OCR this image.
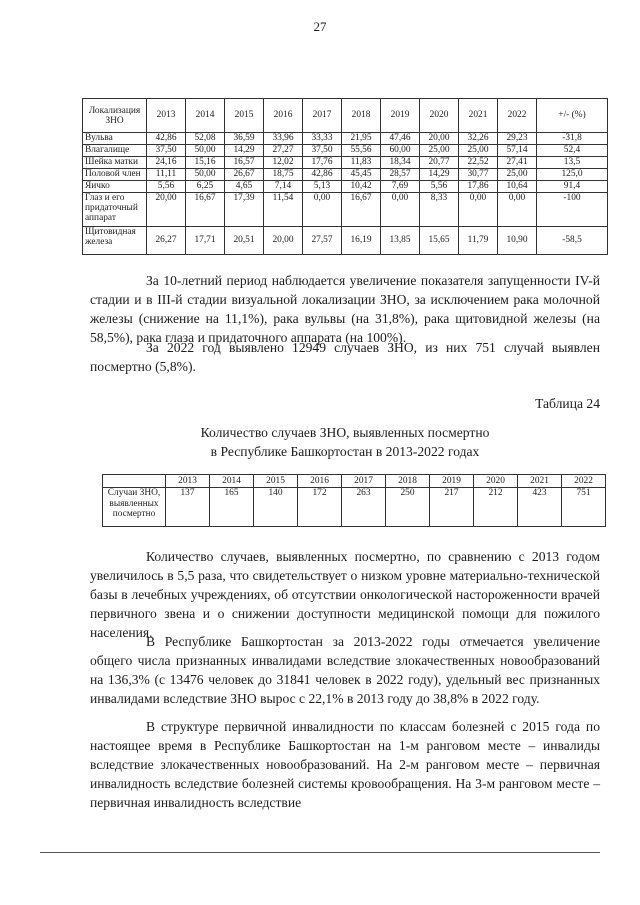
27
Локализация ЗНО	2013	2014	2015	2016	2017	2018	2019	2020	2021	2022	+/- (%)
Вульва	42,86	52,08	36,59	33,96	33,33	21,95	47,46	20,00	32,26	29,23	-31,8
Влагалище	37,50	50,00	14,29	27,27	37,50	55,56	60,00	25,00	25,00	57,14	52,4
Шейка матки	24,16	15,16	16,57	12,02	17,76	11,83	18,34	20,77	22,52	27,41	13,5
Половой член	11,11	50,00	26,67	18,75	42,86	45,45	28,57	14,29	30,77	25,00	125,0
Яичко	5,56	6,25	4,65	7,14	5,13	10,42	7,69	5,56	17,86	10,64	91,4
Глаз и его придаточный аппарат	20,00	16,67	17,39	11,54	0,00	16,67	0,00	8,33	0,00	0,00	-100
Щитовидная железа	26,27	17,71	20,51	20,00	27,57	16,19	13,85	15,65	11,79	10,90	-58,5

За 10-летний период наблюдается увеличение показателя запущенности IV-й стадии и в III-й стадии визуальной локализации ЗНО, за исключением рака молочной железы (снижение на 11,1%), рака вульвы (на 31,8%), рака щитовидной железы (на 58,5%), рака глаза и придаточного аппарата (на 100%).

За 2022 год выявлено 12949 случаев ЗНО, из них 751 случай выявлен посмертно (5,8%).

Таблица 24
Количество случаев ЗНО, выявленных посмертно
в Республике Башкортостан в 2013-2022 годах
	2013	2014	2015	2016	2017	2018	2019	2020	2021	2022
Случаи ЗНО, выявленных посмертно	137	165	140	172	263	250	217	212	423	751

Количество случаев, выявленных посмертно, по сравнению с 2013 годом увеличилось в 5,5 раза, что свидетельствует о низком уровне материально-технической базы в лечебных учреждениях, об отсутствии онкологической настороженности врачей первичного звена и о снижении доступности медицинской помощи для пожилого населения.

В Республике Башкортостан за 2013-2022 годы отмечается увеличение общего числа признанных инвалидами вследствие злокачественных новообразований на 136,3% (с 13476 человек до 31841 человек в 2022 году), удельный вес признанных инвалидами вследствие ЗНО вырос с 22,1% в 2013 году до 38,8% в 2022 году.

В структуре первичной инвалидности по классам болезней с 2015 года по настоящее время в Республике Башкортостан на 1-м ранговом месте – инвалиды вследствие злокачественных новообразований. На 2-м ранговом месте – первичная инвалидность вследствие болезней системы кровообращения. На 3-м ранговом месте – первичная инвалидность вследствие
